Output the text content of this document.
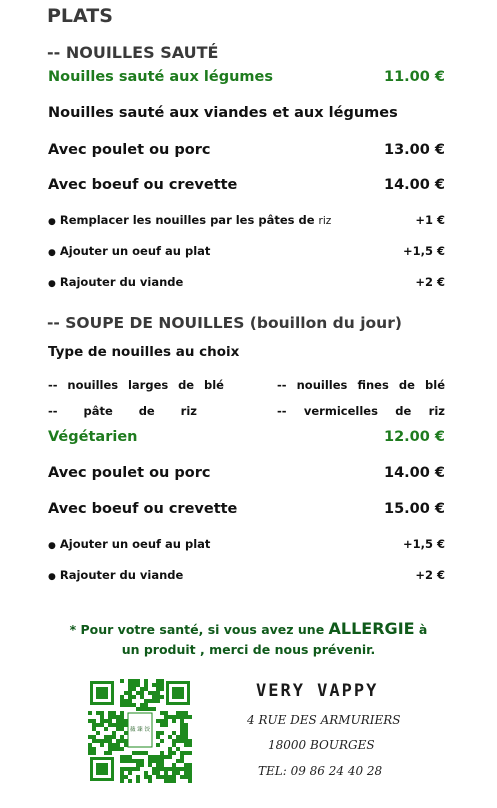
PLATS
-- NOUILLES SAUTÉ
Nouilles sauté aux légumes	11.00 €
Nouilles sauté aux viandes et aux légumes
Avec poulet ou porc	13.00 €
Avec boeuf ou crevette	14.00 €
● Remplacer les nouilles par les pâtes de riz	+1 €
● Ajouter un oeuf au plat	+1,5 €
● Rajouter du viande	+2 €
-- SOUPE DE NOUILLES (bouillon du jour)
Type de nouilles au choix
-- nouilles larges de blé	-- nouilles fines de blé
-- pâte de riz	-- vermicelles de riz
Végétarien	12.00 €
Avec poulet ou porc	14.00 €
Avec boeuf ou crevette	15.00 €
● Ajouter un oeuf au plat	+1,5 €
● Rajouter du viande	+2 €
* Pour votre santé, si vous avez une ALLERGIE à
un produit , merci de nous prévenir.
薇 臻 饺
VERY VAPPY
4 RUE DES ARMURIERS
18000 BOURGES
TEL: 09 86 24 40 28
